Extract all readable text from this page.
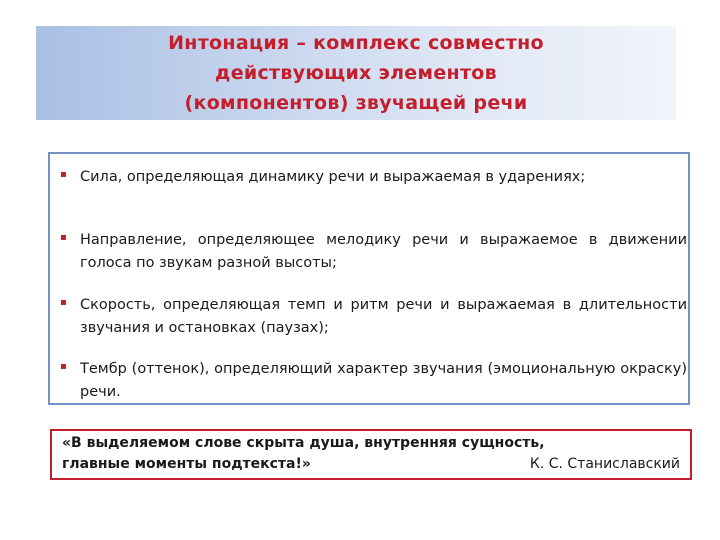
Интонация – комплекс совместно
действующих элементов
(компонентов) звучащей речи
▪ Сила, определяющая динамику речи и выражаемая в ударениях;
▪ Направление, определяющее мелодику речи и выражаемое в движении голоса по звукам разной высоты;
▪ Скорость, определяющая темп и ритм речи и выражаемая в длительности звучания и остановках (паузах);
▪ Тембр (оттенок), определяющий характер звучания (эмоциональную окраску) речи.
«В выделяемом слове скрыта душа, внутренняя сущность,
главные моменты подтекста!»	К. С. Станиславский
